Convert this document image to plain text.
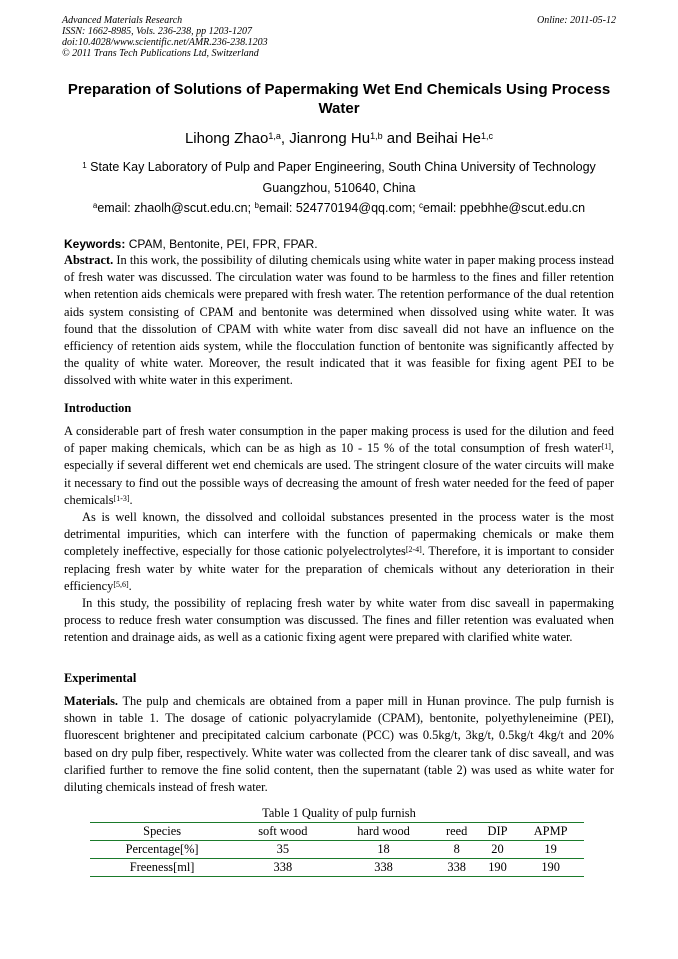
Advanced Materials Research
ISSN: 1662-8985, Vols. 236-238, pp 1203-1207
doi:10.4028/www.scientific.net/AMR.236-238.1203
© 2011 Trans Tech Publications Ltd, Switzerland
Online: 2011-05-12
Preparation of Solutions of Papermaking Wet End Chemicals Using Process Water
Lihong Zhao$^{1,a}$, Jianrong Hu$^{1,b}$ and Beihai He$^{1,c}$
$^1$ State Kay Laboratory of Pulp and Paper Engineering, South China University of Technology
Guangzhou, 510640, China
$^a$email: zhaolh@scut.edu.cn; $^b$email: 524770194@qq.com; $^c$email: ppebhhe@scut.edu.cn
Keywords: CPAM, Bentonite, PEI, FPR, FPAR.

Abstract. In this work, the possibility of diluting chemicals using white water in paper making process instead of fresh water was discussed. The circulation water was found to be harmless to the fines and filler retention when retention aids chemicals were prepared with fresh water. The retention performance of the dual retention aids system consisting of CPAM and bentonite was determined when dissolved using white water. It was found that the dissolution of CPAM with white water from disc saveall did not have an influence on the efficiency of retention aids system, while the flocculation function of bentonite was significantly affected by the quality of white water. Moreover, the result indicated that it was feasible for fixing agent PEI to be dissolved with white water in this experiment.

Introduction

A considerable part of fresh water consumption in the paper making process is used for the dilution and feed of paper making chemicals, which can be as high as 10 - 15 % of the total consumption of fresh water[1], especially if several different wet end chemicals are used. The stringent closure of the water circuits will make it necessary to find out the possible ways of decreasing the amount of fresh water needed for the feed of paper chemicals[1-3].

As is well known, the dissolved and colloidal substances presented in the process water is the most detrimental impurities, which can interfere with the function of papermaking chemicals or make them completely ineffective, especially for those cationic polyelectrolytes[2-4]. Therefore, it is important to consider replacing fresh water by white water for the preparation of chemicals without any deterioration in their efficiency[5,6].

In this study, the possibility of replacing fresh water by white water from disc saveall in papermaking process to reduce fresh water consumption was discussed. The fines and filler retention was evaluated when retention and drainage aids, as well as a cationic fixing agent were prepared with clarified white water.

Experimental

Materials. The pulp and chemicals are obtained from a paper mill in Hunan province. The pulp furnish is shown in table 1. The dosage of cationic polyacrylamide (CPAM), bentonite, polyethyleneimine (PEI), fluorescent brightener and precipitated calcium carbonate (PCC) was 0.5kg/t, 3kg/t, 0.5kg/t 4kg/t and 20% based on dry pulp fiber, respectively. White water was collected from the clearer tank of disc saveall, and was clarified further to remove the fine solid content, then the supernatant (table 2) was used as white water for diluting chemicals instead of fresh water.

Table 1 Quality of pulp furnish
Species	soft wood	hard wood	reed	DIP	APMP
Percentage[%]	35	18	8	20	19
Freeness[ml]	338	338	338	190	190
